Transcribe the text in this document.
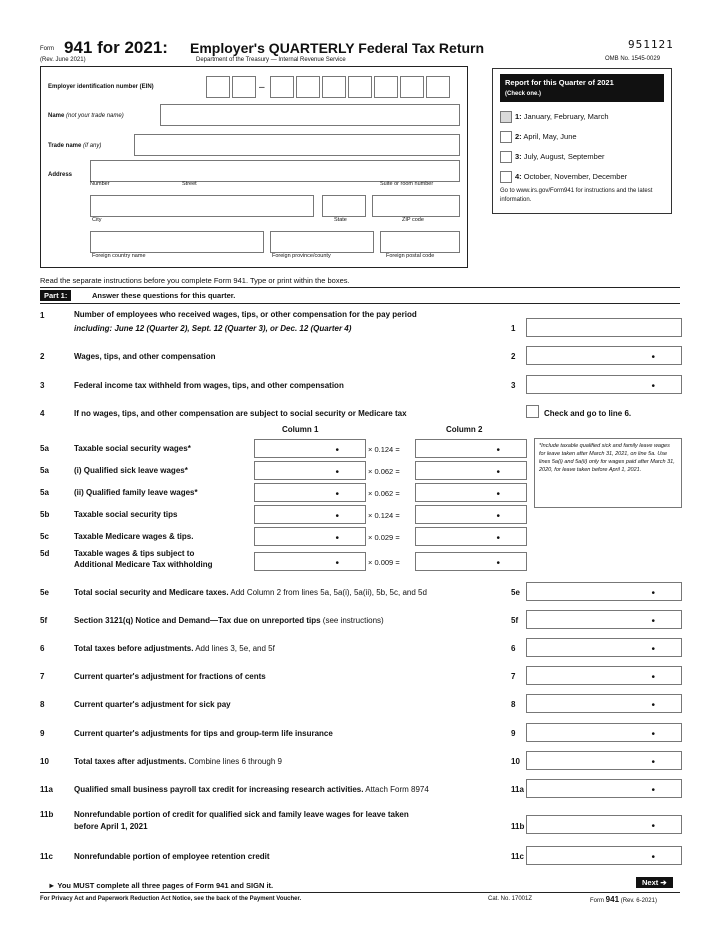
Form 941 for 2021: Employer's QUARTERLY Federal Tax Return
(Rev. June 2021)	Department of the Treasury — Internal Revenue Service
951121
OMB No. 1545-0029
Employer identification number (EIN)	–
Name (not your trade name)
Trade name (if any)
Address
Number	Street	Suite or room number
City	State	ZIP code
Foreign country name	Foreign province/county	Foreign postal code
Report for this Quarter of 2021
(Check one.)
1: January, February, March
2: April, May, June
3: July, August, September
4: October, November, December
Go to www.irs.gov/Form941 for instructions and the latest information.
Read the separate instructions before you complete Form 941. Type or print within the boxes.
Part 1:	Answer these questions for this quarter.
1	Number of employees who received wages, tips, or other compensation for the pay period
including: June 12 (Quarter 2), Sept. 12 (Quarter 3), or Dec. 12 (Quarter 4)	1
2	Wages, tips, and other compensation	2	•
3	Federal income tax withheld from wages, tips, and other compensation	3	•
4	If no wages, tips, and other compensation are subject to social security or Medicare tax	Check and go to line 6.
Column 1	Column 2
5a	Taxable social security wages*	•	× 0.124 =	•
5a	(i) Qualified sick leave wages*	•	× 0.062 =	•
5a	(ii) Qualified family leave wages*	•	× 0.062 =	•
5b	Taxable social security tips	•	× 0.124 =	•
5c	Taxable Medicare wages & tips.	•	× 0.029 =	•
5d	Taxable wages & tips subject to
Additional Medicare Tax withholding	•	× 0.009 =	•
*Include taxable qualified sick and family leave wages for leave taken after March 31, 2021, on line 5a. Use lines 5a(i) and 5a(ii) only for wages paid after March 31, 2020, for leave taken before April 1, 2021.
5e	Total social security and Medicare taxes. Add Column 2 from lines 5a, 5a(i), 5a(ii), 5b, 5c, and 5d	5e	•
5f	Section 3121(q) Notice and Demand—Tax due on unreported tips (see instructions)	5f	•
6	Total taxes before adjustments. Add lines 3, 5e, and 5f	6	•
7	Current quarter's adjustment for fractions of cents	7	•
8	Current quarter's adjustment for sick pay	8	•
9	Current quarter's adjustments for tips and group-term life insurance	9	•
10	Total taxes after adjustments. Combine lines 6 through 9	10	•
11a	Qualified small business payroll tax credit for increasing research activities. Attach Form 8974	11a	•
11b	Nonrefundable portion of credit for qualified sick and family leave wages for leave taken
before April 1, 2021	11b	•
11c	Nonrefundable portion of employee retention credit	11c	•
► You MUST complete all three pages of Form 941 and SIGN it.	Next ➔
For Privacy Act and Paperwork Reduction Act Notice, see the back of the Payment Voucher.	Cat. No. 17001Z	Form 941 (Rev. 6-2021)
